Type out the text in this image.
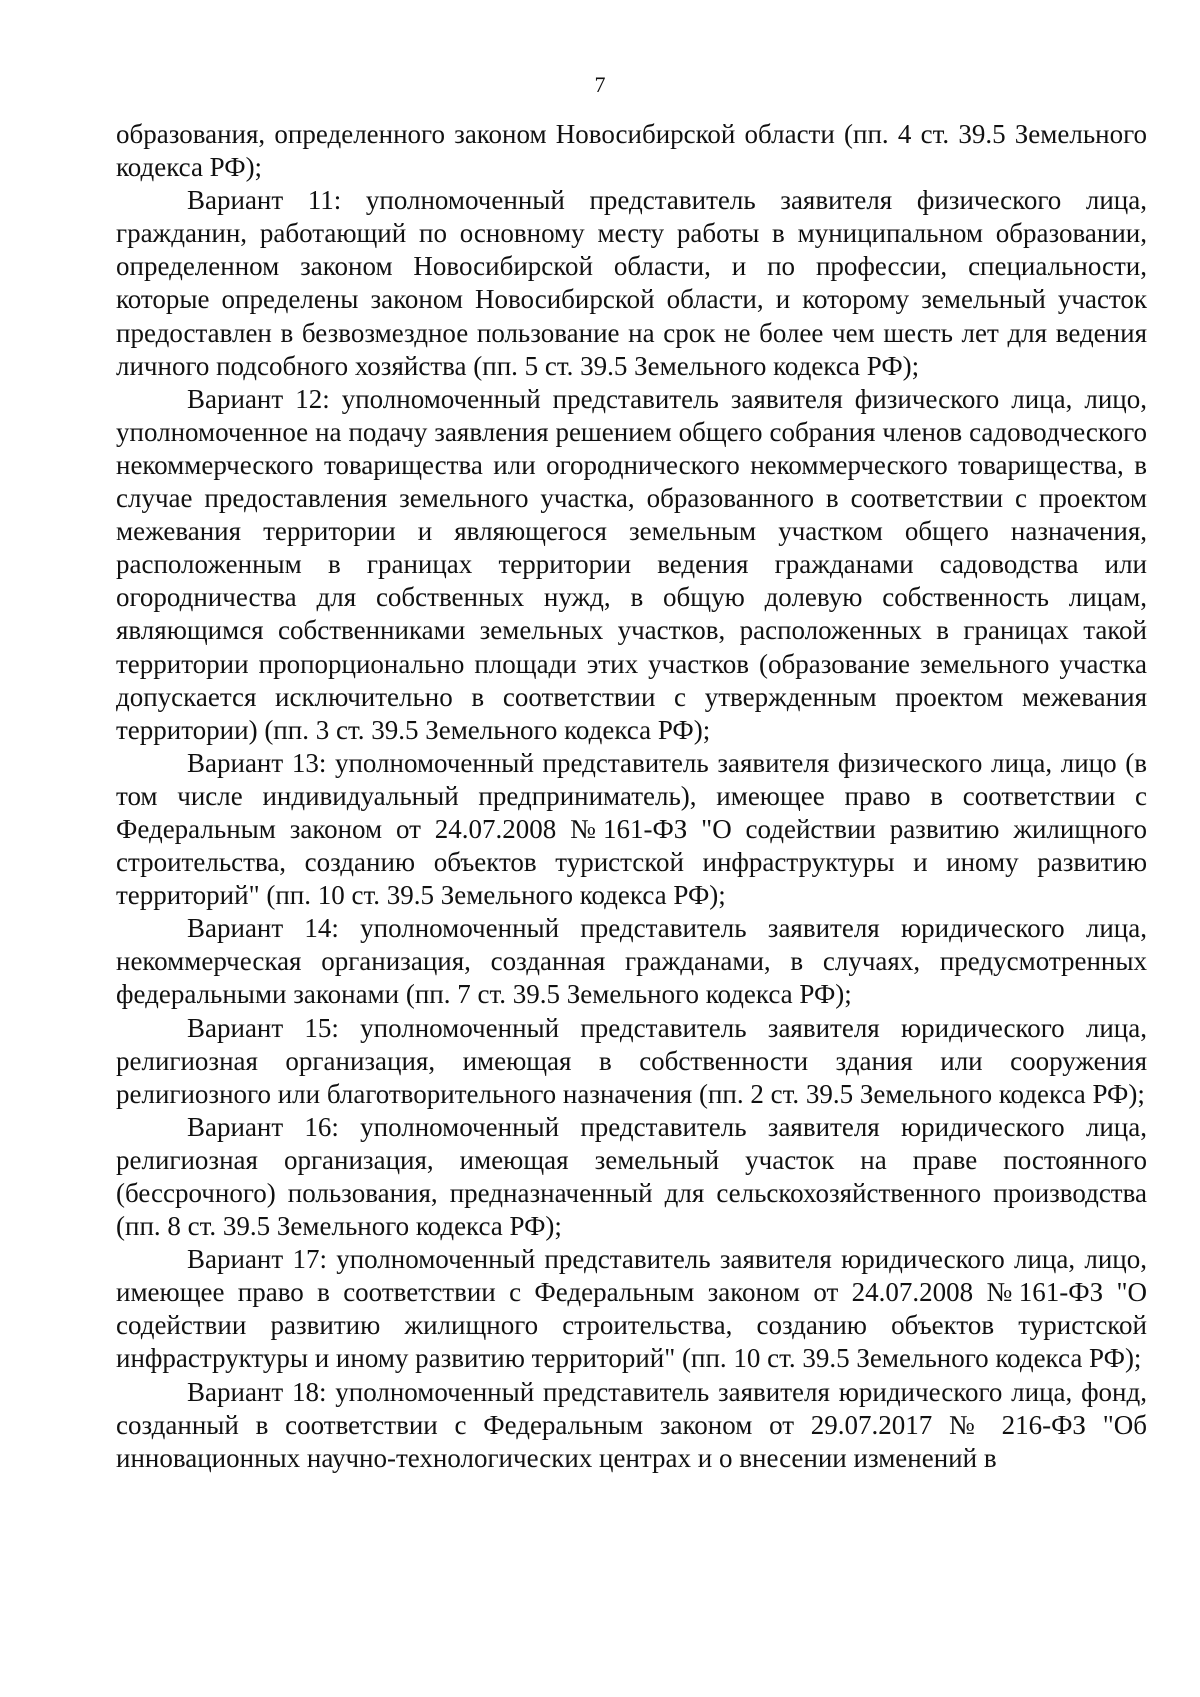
7

образования, определенного законом Новосибирской области (пп. 4 ст. 39.5 Земельного кодекса РФ);

Вариант 11: уполномоченный представитель заявителя физического лица, гражданин, работающий по основному месту работы в муниципальном образовании, определенном законом Новосибирской области, и по профессии, специальности, которые определены законом Новосибирской области, и которому земельный участок предоставлен в безвозмездное пользование на срок не более чем шесть лет для ведения личного подсобного хозяйства (пп. 5 ст. 39.5 Земельного кодекса РФ);

Вариант 12: уполномоченный представитель заявителя физического лица, лицо, уполномоченное на подачу заявления решением общего собрания членов садоводческого некоммерческого товарищества или огороднического некоммерческого товарищества, в случае предоставления земельного участка, образованного в соответствии с проектом межевания территории и являющегося земельным участком общего назначения, расположенным в границах территории ведения гражданами садоводства или огородничества для собственных нужд, в общую долевую собственность лицам, являющимся собственниками земельных участков, расположенных в границах такой территории пропорционально площади этих участков (образование земельного участка допускается исключительно в соответствии с утвержденным проектом межевания территории) (пп. 3 ст. 39.5 Земельного кодекса РФ);

Вариант 13: уполномоченный представитель заявителя физического лица, лицо (в том числе индивидуальный предприниматель), имеющее право в соответствии с Федеральным законом от 24.07.2008 №161-ФЗ "О содействии развитию жилищного строительства, созданию объектов туристской инфраструктуры и иному развитию территорий" (пп. 10 ст. 39.5 Земельного кодекса РФ);

Вариант 14: уполномоченный представитель заявителя юридического лица, некоммерческая организация, созданная гражданами, в случаях, предусмотренных федеральными законами (пп. 7 ст. 39.5 Земельного кодекса РФ);

Вариант 15: уполномоченный представитель заявителя юридического лица, религиозная организация, имеющая в собственности здания или сооружения религиозного или благотворительного назначения (пп. 2 ст. 39.5 Земельного кодекса РФ);

Вариант 16: уполномоченный представитель заявителя юридического лица, религиозная организация, имеющая земельный участок на праве постоянного (бессрочного) пользования, предназначенный для сельскохозяйственного производства (пп. 8 ст. 39.5 Земельного кодекса РФ);

Вариант 17: уполномоченный представитель заявителя юридического лица, лицо, имеющее право в соответствии с Федеральным законом от 24.07.2008 №161-ФЗ "О содействии развитию жилищного строительства, созданию объектов туристской инфраструктуры и иному развитию территорий" (пп. 10 ст. 39.5 Земельного кодекса РФ);

Вариант 18: уполномоченный представитель заявителя юридического лица, фонд, созданный в соответствии с Федеральным законом от 29.07.2017 № 216-ФЗ "Об инновационных научно-технологических центрах и о внесении изменений в
